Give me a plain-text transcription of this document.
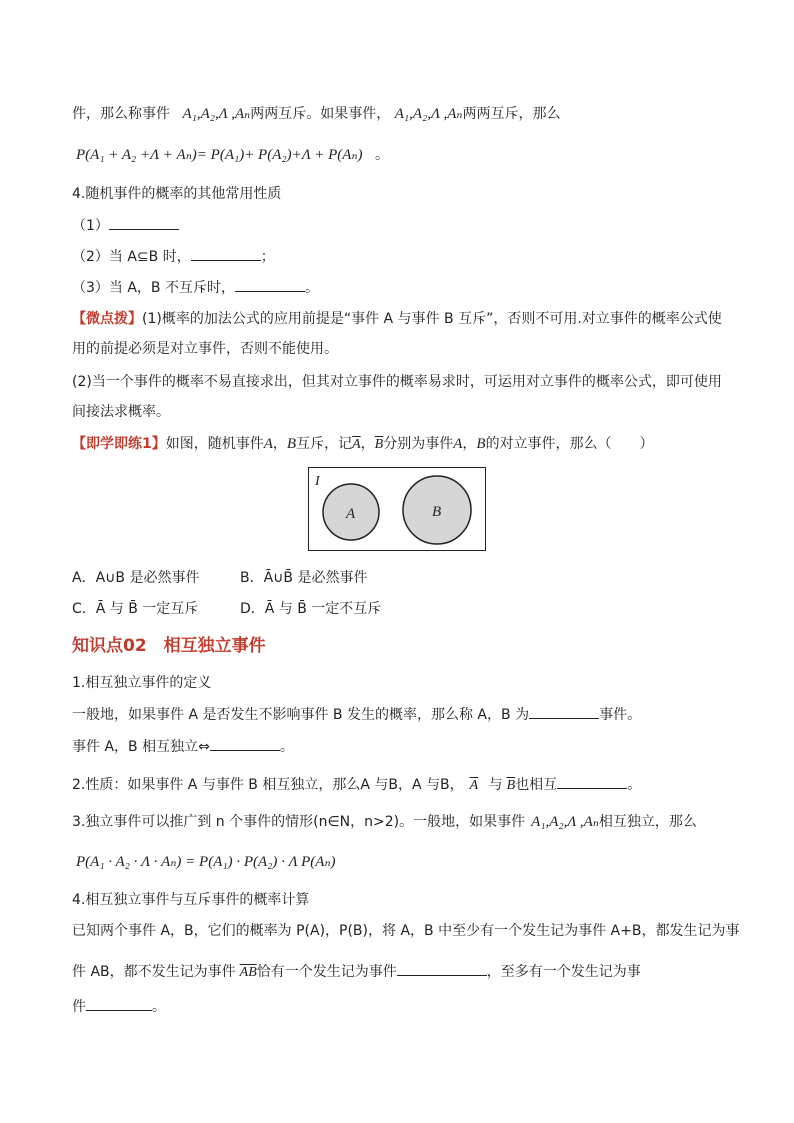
件，那么称事件 A₁,A₂,Λ ,Aₙ两两互斥。如果事件， A₁,A₂,Λ ,Aₙ两两互斥，那么
P(A₁ + A₂ +Λ + Aₙ)= P(A₁)+ P(A₂)+Λ + P(Aₙ) 。
4.随机事件的概率的其他常用性质
（1）
（2）当 A⊆B 时，	；
（3）当 A，B 不互斥时，	。
【微点拨】(1)概率的加法公式的应用前提是“事件 A 与事件 B 互斥”，否则不可用.对立事件的概率公式使
用的前提必须是对立事件，否则不能使用。
(2)当一个事件的概率不易直接求出，但其对立事件的概率易求时，可运用对立事件的概率公式，即可使用
间接法求概率。
【即学即练1】如图，随机事件A，B互斥，记$\overline{A}$，$\overline{B}$分别为事件A，B的对立事件，那么（　　）
I
A	B
A．A∪B 是必然事件	B．Ā∪B̄ 是必然事件
C．Ā 与 B̄ 一定互斥	D．Ā 与 B̄ 一定不互斥
知识点02　相互独立事件
1.相互独立事件的定义
一般地，如果事件 A 是否发生不影响事件 B 发生的概率，那么称 A，B 为	事件。
事件 A，B 相互独立⇔	。
2.性质：如果事件 A 与事件 B 相互独立，那么A 与B，A 与B， $\overline{A}$ 与 $\overline{B}$也相互	。
3.独立事件可以推广到 n 个事件的情形(n∈N，n>2)。一般地，如果事件 A₁,A₂,Λ ,Aₙ相互独立，那么
P(A₁ · A₂ · Λ · Aₙ) = P(A₁) · P(A₂) · Λ P(Aₙ)
4.相互独立事件与互斥事件的概率计算
已知两个事件 A，B，它们的概率为 P(A)，P(B)，将 A，B 中至少有一个发生记为事件 A+B，都发生记为事
件 AB，都不发生记为事件 $\overline{AB}$恰有一个发生记为事件	，至多有一个发生记为事
件	。
